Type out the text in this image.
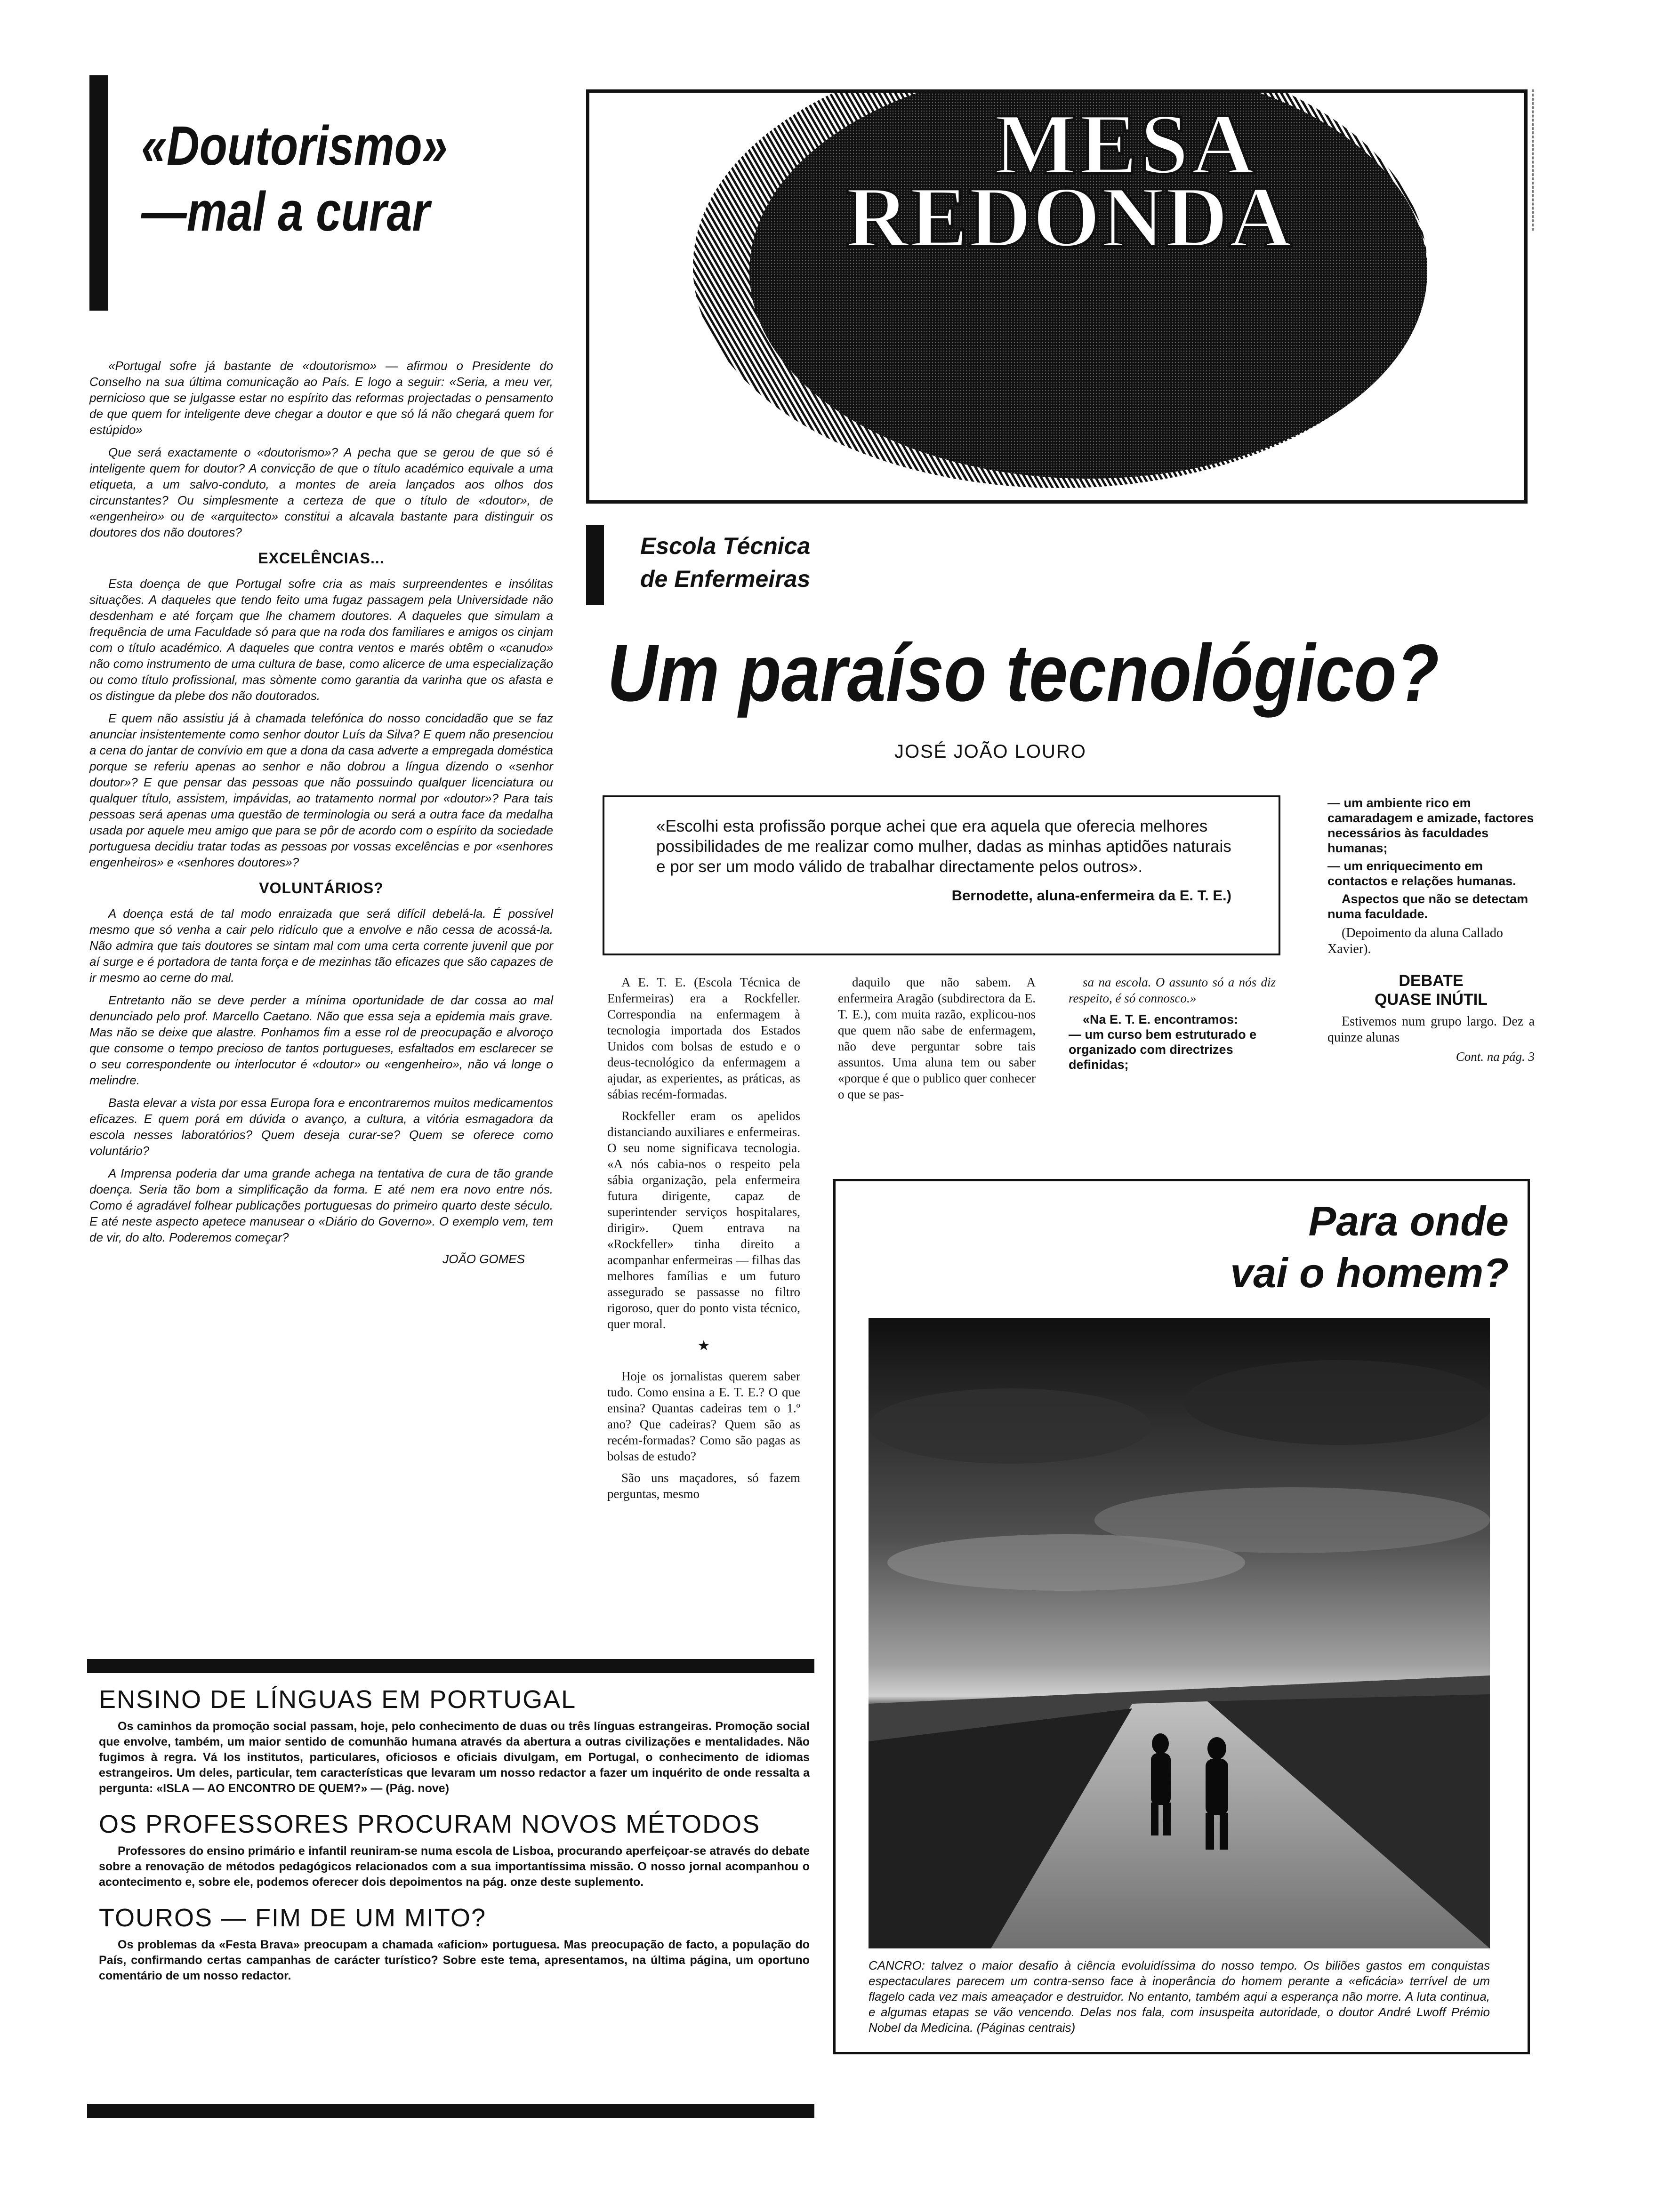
«Doutorismo»
—mal a curar

«Portugal sofre já bastante de «doutorismo» — afirmou o Presidente do Conselho na sua última comunicação ao País. E logo a seguir: «Seria, a meu ver, pernicioso que se julgasse estar no espírito das reformas projectadas o pensamento de que quem for inteligente deve chegar a doutor e que só lá não chegará quem for estúpido»

Que será exactamente o «doutorismo»? A pecha que se gerou de que só é inteligente quem for doutor? A convicção de que o título académico equivale a uma etiqueta, a um salvo-conduto, a montes de areia lançados aos olhos dos circunstantes? Ou simplesmente a certeza de que o título de «doutor», de «engenheiro» ou de «arquitecto» constitui a alcavala bastante para distinguir os doutores dos não doutores?

EXCELÊNCIAS...

Esta doença de que Portugal sofre cria as mais surpreendentes e insólitas situações. A daqueles que tendo feito uma fugaz passagem pela Universidade não desdenham e até forçam que lhe chamem doutores. A daqueles que simulam a frequência de uma Faculdade só para que na roda dos familiares e amigos os cinjam com o título académico. A daqueles que contra ventos e marés obtêm o «canudo» não como instrumento de uma cultura de base, como alicerce de uma especialização ou como título profissional, mas sòmente como garantia da varinha que os afasta e os distingue da plebe dos não doutorados.

E quem não assistiu já à chamada telefónica do nosso concidadão que se faz anunciar insistentemente como senhor doutor Luís da Silva? E quem não presenciou a cena do jantar de convívio em que a dona da casa adverte a empregada doméstica porque se referiu apenas ao senhor e não dobrou a língua dizendo o «senhor doutor»? E que pensar das pessoas que não possuindo qualquer licenciatura ou qualquer título, assistem, impávidas, ao tratamento normal por «doutor»? Para tais pessoas será apenas uma questão de terminologia ou será a outra face da medalha usada por aquele meu amigo que para se pôr de acordo com o espírito da sociedade portuguesa decidiu tratar todas as pessoas por vossas excelências e por «senhores engenheiros» e «senhores doutores»?

VOLUNTÁRIOS?

A doença está de tal modo enraizada que será difícil debelá-la. É possível mesmo que só venha a cair pelo ridículo que a envolve e não cessa de acossá-la. Não admira que tais doutores se sintam mal com uma certa corrente juvenil que por aí surge e é portadora de tanta força e de mezinhas tão eficazes que são capazes de ir mesmo ao cerne do mal.

Entretanto não se deve perder a mínima oportunidade de dar cossa ao mal denunciado pelo prof. Marcello Caetano. Não que essa seja a epidemia mais grave. Mas não se deixe que alastre. Ponhamos fim a esse rol de preocupação e alvoroço que consome o tempo precioso de tantos portugueses, esfaltados em esclarecer se o seu correspondente ou interlocutor é «doutor» ou «engenheiro», não vá longe o melindre.

Basta elevar a vista por essa Europa fora e encontraremos muitos medicamentos eficazes. E quem porá em dúvida o avanço, a cultura, a vitória esmagadora da escola nesses laboratórios? Quem deseja curar-se? Quem se oferece como voluntário?

A Imprensa poderia dar uma grande achega na tentativa de cura de tão grande doença. Seria tão bom a simplificação da forma. E até nem era novo entre nós. Como é agradável folhear publicações portuguesas do primeiro quarto deste século. E até neste aspecto apetece manusear o «Diário do Governo». O exemplo vem, tem de vir, do alto. Poderemos começar?

JOÃO GOMES
MESA
REDONDA
Escola Técnica
de Enfermeiras
Um paraíso tecnológico?
JOSÉ JOÃO LOURO
«Escolhi esta profissão porque achei que era aquela que oferecia melhores possibilidades de me realizar como mulher, dadas as minhas aptidões naturais e por ser um modo válido de trabalhar directamente pelos outros».
Bernodette, aluna-enfermeira da E. T. E.)
— um ambiente rico em camaradagem e amizade, factores necessários às faculdades humanas;
— um enriquecimento em contactos e relações humanas.
Aspectos que não se detectam numa faculdade.
(Depoimento da aluna Callado Xavier).
DEBATE
QUASE INÚTIL
Estivemos num grupo largo. Dez a quinze alunas
Cont. na pág. 3

A E. T. E. (Escola Técnica de Enfermeiras) era a Rockfeller. Correspondia na enfermagem à tecnologia importada dos Estados Unidos com bolsas de estudo e o deus-tecnológico da enfermagem a ajudar, as experientes, as práticas, as sábias recém-formadas.

Rockfeller eram os apelidos distanciando auxiliares e enfermeiras. O seu nome significava tecnologia. «A nós cabia-nos o respeito pela sábia organização, pela enfermeira futura dirigente, capaz de superintender serviços hospitalares, dirigir». Quem entrava na «Rockfeller» tinha direito a acompanhar enfermeiras — filhas das melhores famílias e um futuro assegurado se passasse no filtro rigoroso, quer do ponto vista técnico, quer moral.

★

Hoje os jornalistas querem saber tudo. Como ensina a E. T. E.? O que ensina? Quantas cadeiras tem o 1.º ano? Que cadeiras? Quem são as recém-formadas? Como são pagas as bolsas de estudo?

São uns maçadores, só fazem perguntas, mesmo

daquilo que não sabem. A enfermeira Aragão (subdirectora da E. T. E.), com muita razão, explicou-nos que quem não sabe de enfermagem, não deve perguntar sobre tais assuntos. Uma aluna tem ou saber «porque é que o publico quer conhecer o que se pas-

sa na escola. O assunto só a nós diz respeito, é só connosco.»

«Na E. T. E. encontramos:
— um curso bem estruturado e organizado com directrizes definidas;
Para onde
vai o homem?
CANCRO: talvez o maior desafio à ciência evoluidíssima do nosso tempo. Os biliões gastos em conquistas espectaculares parecem um contra-senso face à inoperância do homem perante a «eficácia» terrível de um flagelo cada vez mais ameaçador e destruidor. No entanto, também aqui a esperança não morre. A luta continua, e algumas etapas se vão vencendo. Delas nos fala, com insuspeita autoridade, o doutor André Lwoff Prémio Nobel da Medicina. (Páginas centrais)
ENSINO DE LÍNGUAS EM PORTUGAL

Os caminhos da promoção social passam, hoje, pelo conhecimento de duas ou três línguas estrangeiras. Promoção social que envolve, também, um maior sentido de comunhão humana através da abertura a outras civilizações e mentalidades. Não fugimos à regra. Vá los institutos, particulares, oficiosos e oficiais divulgam, em Portugal, o conhecimento de idiomas estrangeiros. Um deles, particular, tem características que levaram um nosso redactor a fazer um inquérito de onde ressalta a pergunta: «ISLA — AO ENCONTRO DE QUEM?» — (Pág. nove)

OS PROFESSORES PROCURAM NOVOS MÉTODOS

Professores do ensino primário e infantil reuniram-se numa escola de Lisboa, procurando aperfeiçoar-se através do debate sobre a renovação de métodos pedagógicos relacionados com a sua importantíssima missão. O nosso jornal acompanhou o acontecimento e, sobre ele, podemos oferecer dois depoimentos na pág. onze deste suplemento.

TOUROS — FIM DE UM MITO?

Os problemas da «Festa Brava» preocupam a chamada «aficion» portuguesa. Mas preocupação de facto, a população do País, confirmando certas campanhas de carácter turístico? Sobre este tema, apresentamos, na última página, um oportuno comentário de um nosso redactor.
